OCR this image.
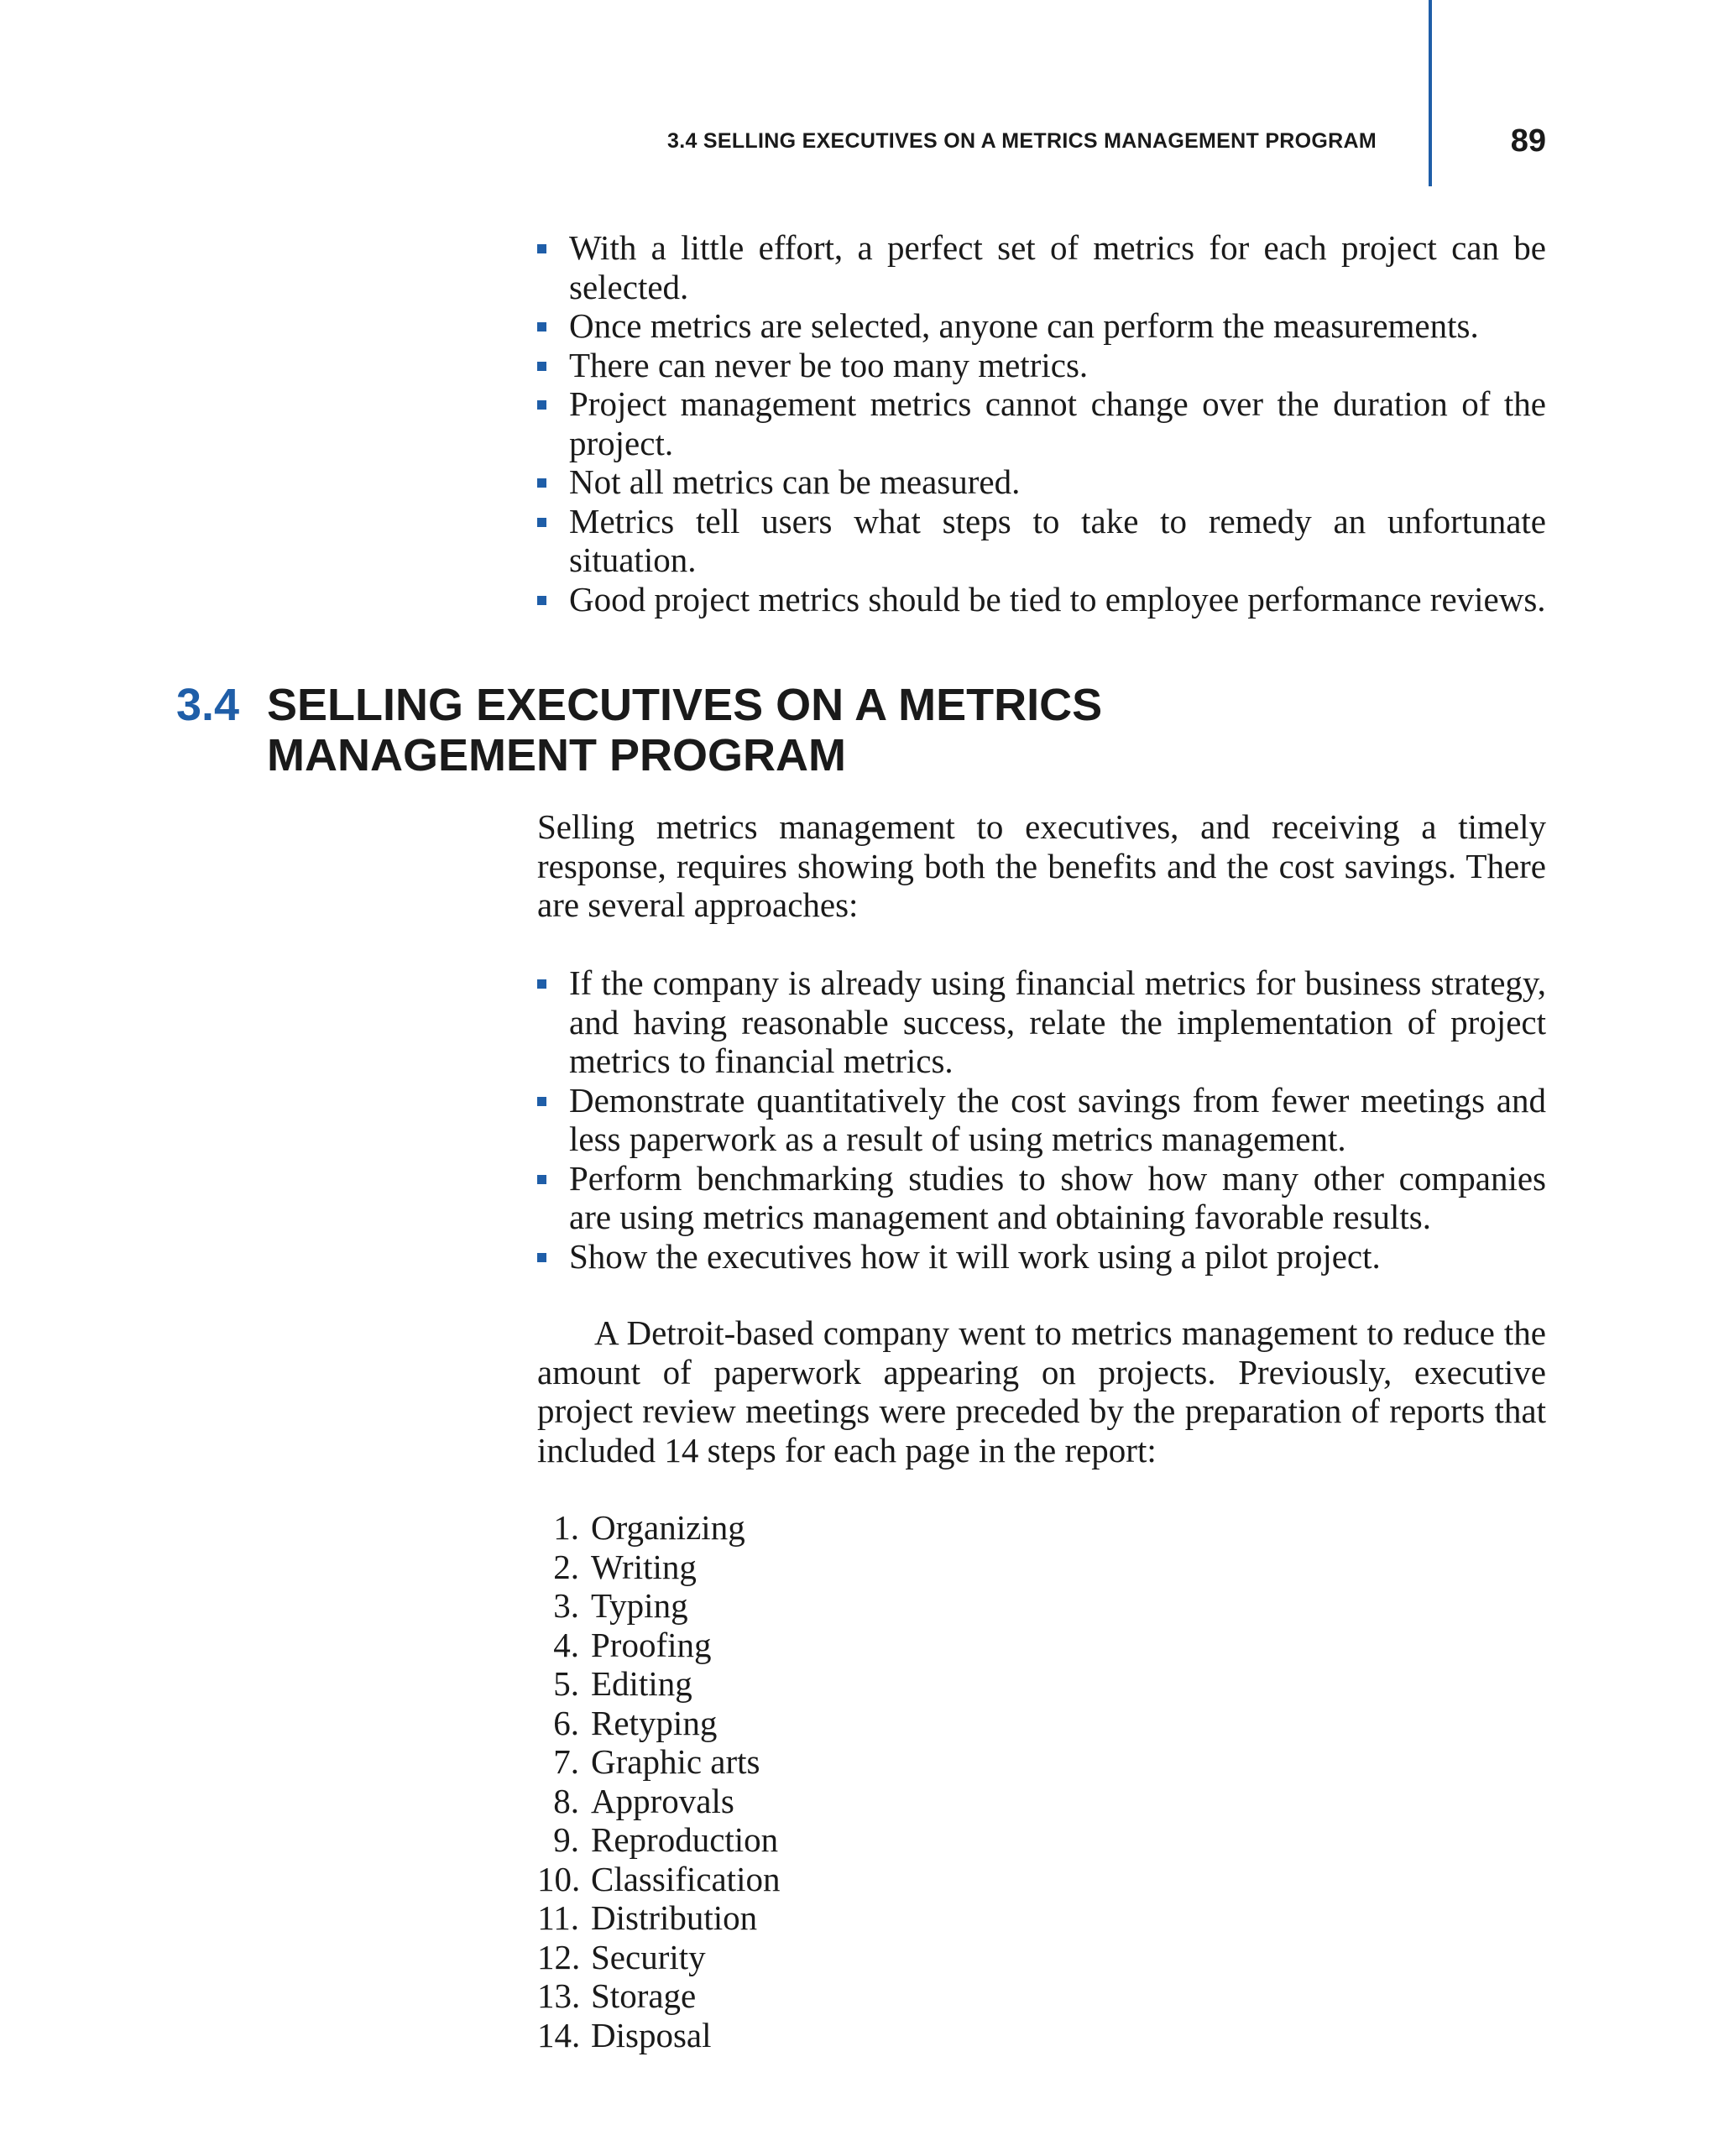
3.4 SELLING EXECUTIVES ON A METRICS MANAGEMENT PROGRAM	89
With a little effort, a perfect set of metrics for each project can be selected.
Once metrics are selected, anyone can perform the measurements.
There can never be too many metrics.
Project management metrics cannot change over the duration of the project.
Not all metrics can be measured.
Metrics tell users what steps to take to remedy an unfortunate situation.
Good project metrics should be tied to employee performance reviews.
3.4 SELLING EXECUTIVES ON A METRICS MANAGEMENT PROGRAM

Selling metrics management to executives, and receiving a timely response, requires showing both the benefits and the cost savings. There are several approaches:

If the company is already using financial metrics for business strategy, and having reasonable success, relate the implementation of project metrics to financial metrics.
Demonstrate quantitatively the cost savings from fewer meetings and less paperwork as a result of using metrics management.
Perform benchmarking studies to show how many other companies are using metrics management and obtaining favorable results.
Show the executives how it will work using a pilot project.

A Detroit-based company went to metrics management to reduce the amount of paperwork appearing on projects. Previously, executive project review meetings were preceded by the preparation of reports that included 14 steps for each page in the report:

1. Organizing
2. Writing
3. Typing
4. Proofing
5. Editing
6. Retyping
7. Graphic arts
8. Approvals
9. Reproduction
10. Classification
11. Distribution
12. Security
13. Storage
14. Disposal
